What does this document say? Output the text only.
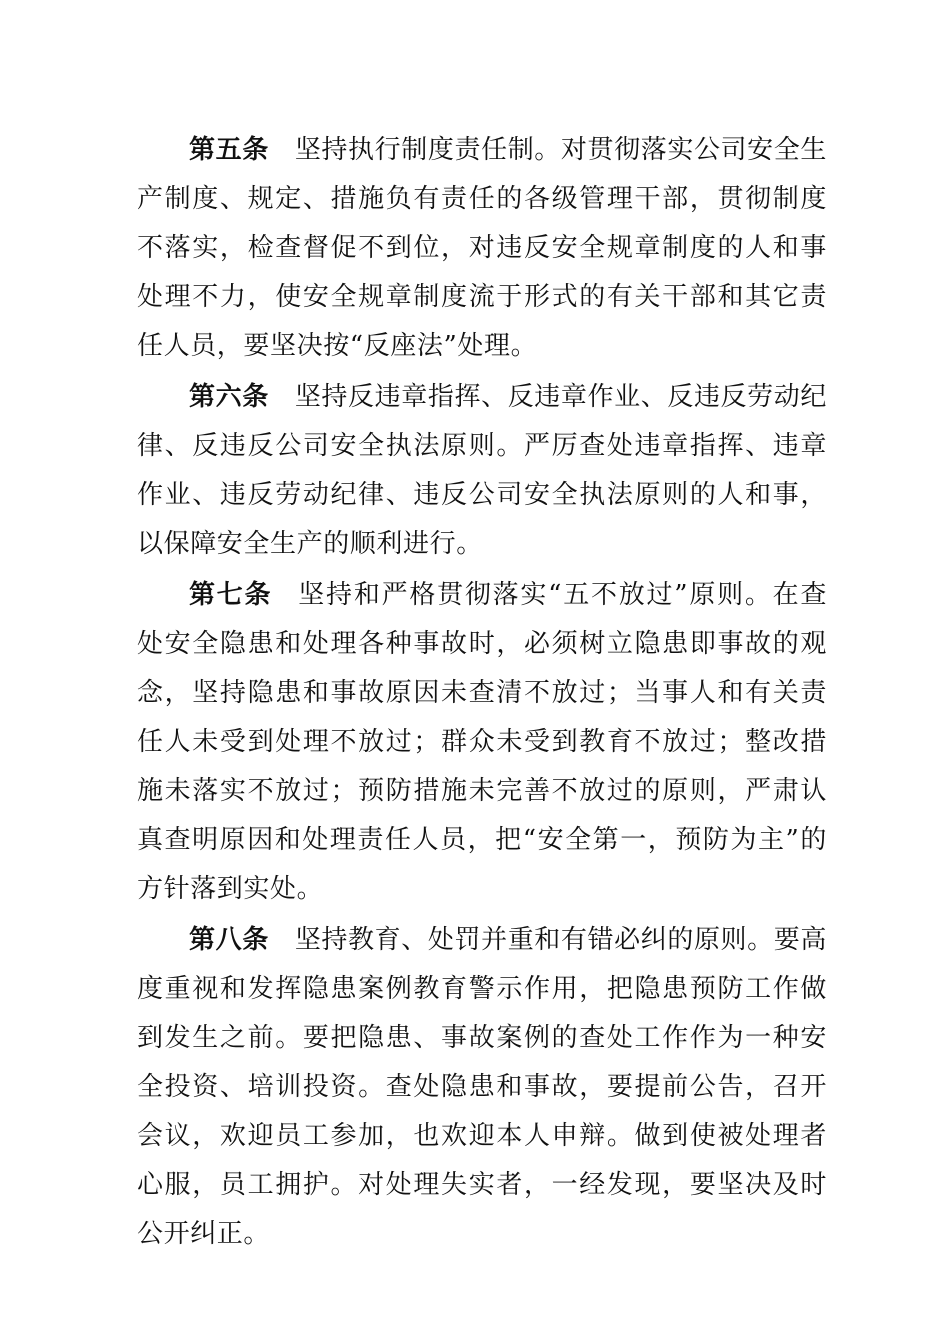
第五条 坚持执行制度责任制。对贯彻落实公司安全生产制度、规定、措施负有责任的各级管理干部，贯彻制度不落实，检查督促不到位，对违反安全规章制度的人和事处理不力，使安全规章制度流于形式的有关干部和其它责任人员，要坚决按“反座法”处理。

第六条 坚持反违章指挥、反违章作业、反违反劳动纪律、反违反公司安全执法原则。严厉查处违章指挥、违章作业、违反劳动纪律、违反公司安全执法原则的人和事，以保障安全生产的顺利进行。

第七条 坚持和严格贯彻落实“五不放过”原则。在查处安全隐患和处理各种事故时，必须树立隐患即事故的观念，坚持隐患和事故原因未查清不放过；当事人和有关责任人未受到处理不放过；群众未受到教育不放过；整改措施未落实不放过；预防措施未完善不放过的原则，严肃认真查明原因和处理责任人员，把“安全第一，预防为主”的方针落到实处。

第八条 坚持教育、处罚并重和有错必纠的原则。要高度重视和发挥隐患案例教育警示作用，把隐患预防工作做到发生之前。要把隐患、事故案例的查处工作作为一种安全投资、培训投资。查处隐患和事故，要提前公告，召开会议，欢迎员工参加，也欢迎本人申辩。做到使被处理者心服，员工拥护。对处理失实者，一经发现，要坚决及时公开纠正。
